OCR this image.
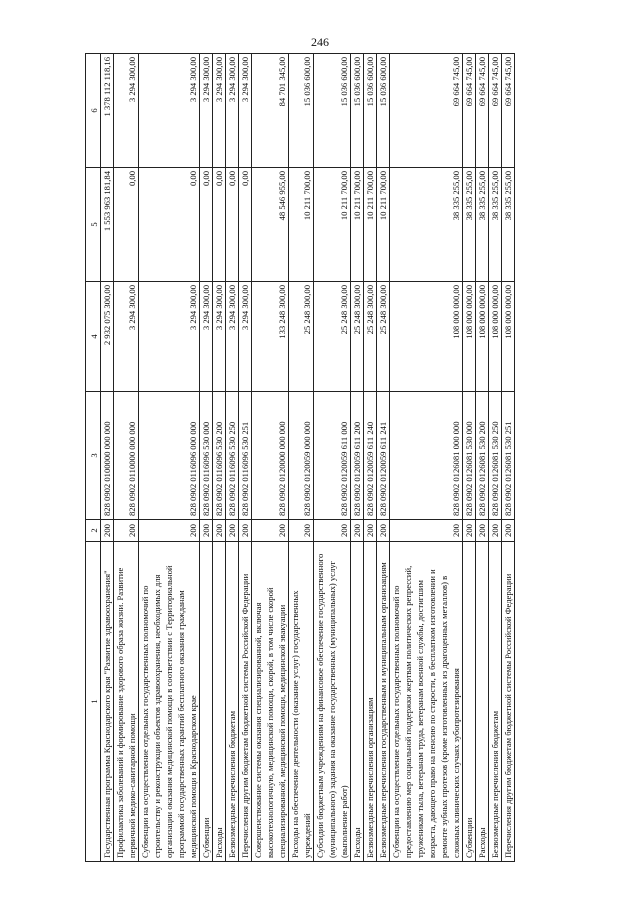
246
1	2	3	4	5	6
Государственная программа Краснодарского края "Развитие здравоохранения"	200	828 0902 0100000 000 000	2 932 075 300,00	1 553 963 181,84	1 378 112 118,16
Профилактика заболеваний и формирование здорового образа жизни. Развитие первичной медико-санитарной помощи	200	828 0902 0110000 000 000	3 294 300,00	0,00	3 294 300,00
Субвенции на осуществление отдельных государственных полномочий по строительству и реконструкции объектов здравоохранения, необходимых для организации оказания медицинской помощи в соответствии с Территориальной программой государственных гарантий бесплатного оказания гражданам медицинской помощи в Краснодарском крае	200	828 0902 0116096 000 000	3 294 300,00	0,00	3 294 300,00
Субвенции	200	828 0902 0116096 530 000	3 294 300,00	0,00	3 294 300,00
Расходы	200	828 0902 0116096 530 200	3 294 300,00	0,00	3 294 300,00
Безвозмездные перечисления бюджетам	200	828 0902 0116096 530 250	3 294 300,00	0,00	3 294 300,00
Перечисления другим бюджетам бюджетной системы Российской Федерации	200	828 0902 0116096 530 251	3 294 300,00	0,00	3 294 300,00
Совершенствование системы оказания специализированной, включая высокотехнологичную, медицинской помощи, скорой, в том числе скорой специализированной, медицинской помощи, медицинской эвакуации	200	828 0902 0120000 000 000	133 248 300,00	48 546 955,00	84 701 345,00
Расходы на обеспечение деятельности (оказание услуг) государственных учреждений	200	828 0902 0120059 000 000	25 248 300,00	10 211 700,00	15 036 600,00
Субсидии бюджетным учреждениям на финансовое обеспечение государственного (муниципального) задания на оказание государственных (муниципальных) услуг (выполнение работ)	200	828 0902 0120059 611 000	25 248 300,00	10 211 700,00	15 036 600,00
Расходы	200	828 0902 0120059 611 200	25 248 300,00	10 211 700,00	15 036 600,00
Безвозмездные перечисления организациям	200	828 0902 0120059 611 240	25 248 300,00	10 211 700,00	15 036 600,00
Безвозмездные перечисления государственным и муниципальным организациям	200	828 0902 0120059 611 241	25 248 300,00	10 211 700,00	15 036 600,00
Субвенции на осуществление отдельных государственных полномочий по предоставлению мер социальной поддержки жертвам политических репрессий, труженикам тыла, ветеранам труда, ветеранам военной службы, достигшим возраста, дающего право на пенсию по старости, в бесплатном изготовлении и ремонте зубных протезов (кроме изготовленных из драгоценных металлов) в сложных клинических случаях зубопротезирования	200	828 0902 0126081 000 000	108 000 000,00	38 335 255,00	69 664 745,00
Субвенции	200	828 0902 0126081 530 000	108 000 000,00	38 335 255,00	69 664 745,00
Расходы	200	828 0902 0126081 530 200	108 000 000,00	38 335 255,00	69 664 745,00
Безвозмездные перечисления бюджетам	200	828 0902 0126081 530 250	108 000 000,00	38 335 255,00	69 664 745,00
Перечисления другим бюджетам бюджетной системы Российской Федерации	200	828 0902 0126081 530 251	108 000 000,00	38 335 255,00	69 664 745,00
